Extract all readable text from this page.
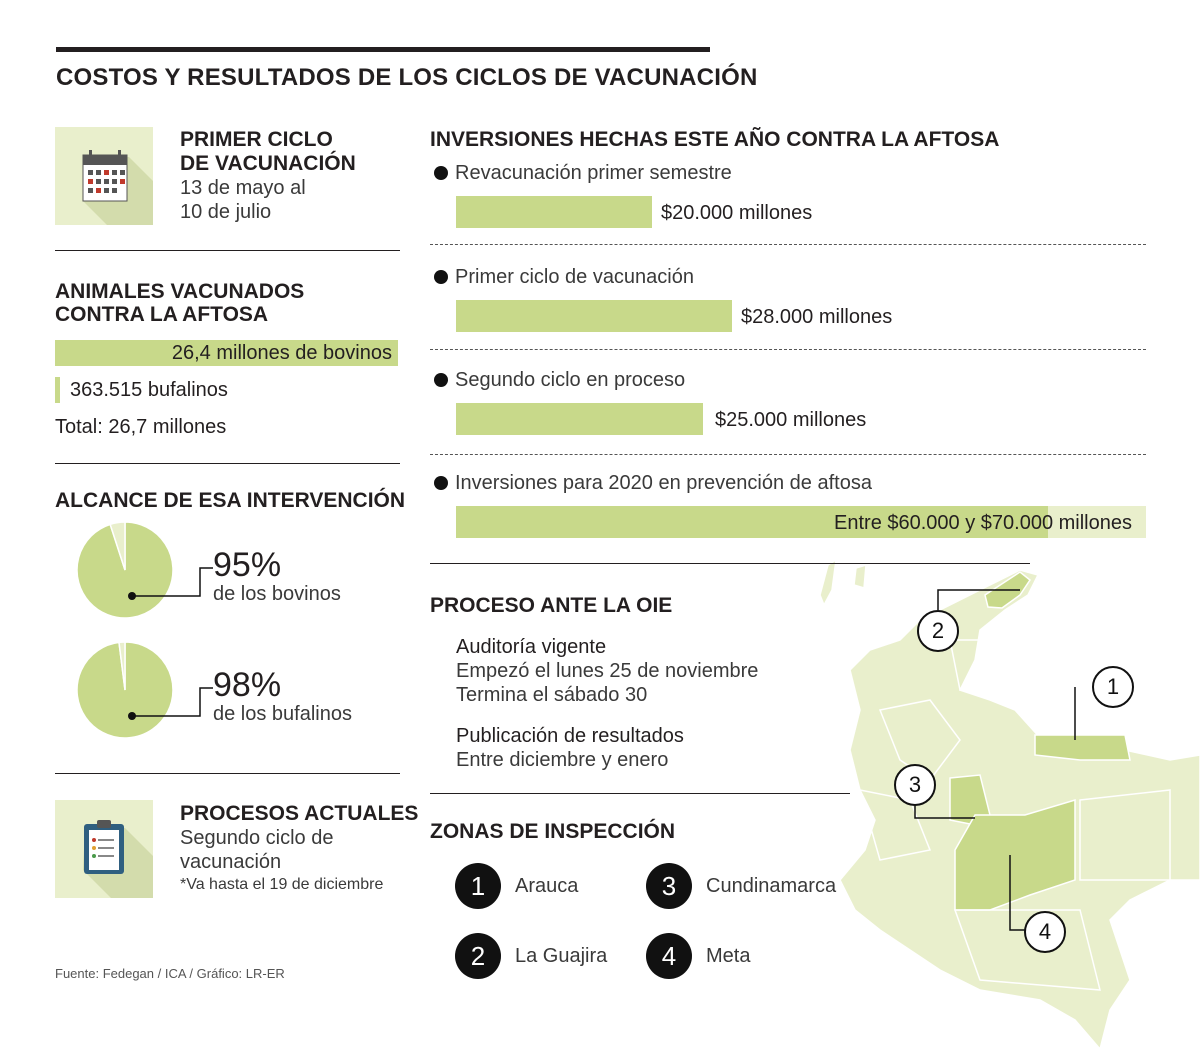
COSTOS Y RESULTADOS DE LOS CICLOS DE VACUNACIÓN
PRIMER CICLO
DE VACUNACIÓN
13 de mayo al
10 de julio
ANIMALES VACUNADOS
CONTRA LA AFTOSA
26,4 millones de bovinos
363.515 bufalinos
Total: 26,7 millones
ALCANCE DE ESA INTERVENCIÓN
95%
de los bovinos
98%
de los bufalinos
PROCESOS ACTUALES
Segundo ciclo de
vacunación
*Va hasta el 19 de diciembre
Fuente: Fedegan / ICA / Gráfico: LR-ER
INVERSIONES HECHAS ESTE AÑO CONTRA LA AFTOSA
Revacunación primer semestre
$20.000 millones
Primer ciclo de vacunación
$28.000 millones
Segundo ciclo en proceso
$25.000 millones
Inversiones para 2020 en prevención de aftosa
Entre $60.000 y $70.000 millones
1
2
3
4
PROCESO ANTE LA OIE
Auditoría vigente
Empezó el lunes 25 de noviembre
Termina el sábado 30
Publicación de resultados
Entre diciembre y enero
ZONAS DE INSPECCIÓN
1	Arauca	3	Cundinamarca
2	La Guajira	4	Meta
